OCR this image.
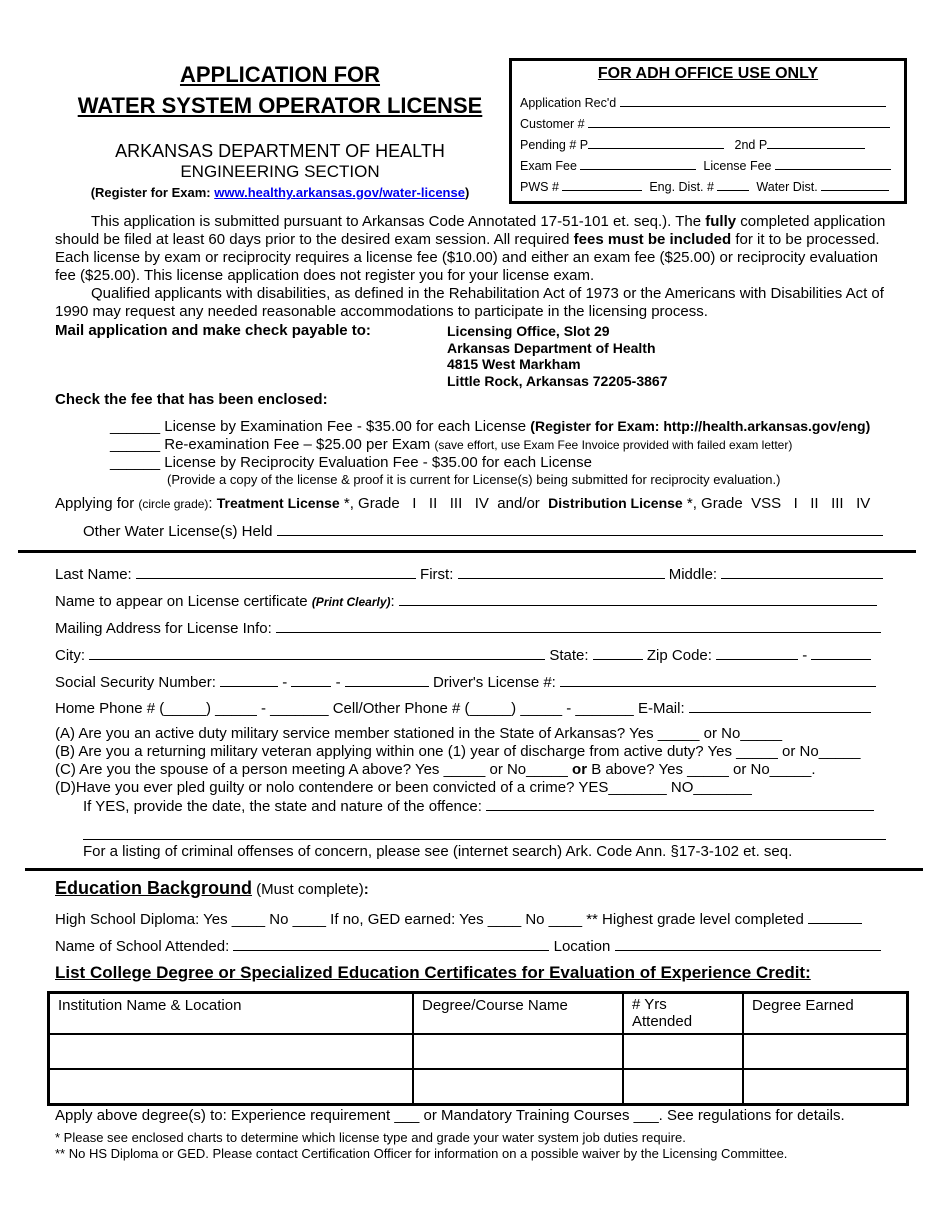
APPLICATION FOR
WATER SYSTEM OPERATOR LICENSE
ARKANSAS DEPARTMENT OF HEALTH
ENGINEERING SECTION
(Register for Exam: www.healthy.arkansas.gov/water-license)
FOR ADH OFFICE USE ONLY
Application Rec'd
Customer #
Pending # P	2nd P
Exam Fee	License Fee
PWS #	Eng. Dist. #	Water Dist.
This application is submitted pursuant to Arkansas Code Annotated 17-51-101 et. seq.). The fully completed application should be filed at least 60 days prior to the desired exam session. All required fees must be included for it to be processed. Each license by exam or reciprocity requires a license fee ($10.00) and either an exam fee ($25.00) or reciprocity evaluation fee ($25.00). This license application does not register you for your license exam.
Qualified applicants with disabilities, as defined in the Rehabilitation Act of 1973 or the Americans with Disabilities Act of 1990 may request any needed reasonable accommodations to participate in the licensing process.
Mail application and make check payable to:	Licensing Office, Slot 29
Arkansas Department of Health
4815 West Markham
Little Rock, Arkansas 72205-3867
Check the fee that has been enclosed:
______ License by Examination Fee - $35.00 for each License (Register for Exam: http://health.arkansas.gov/eng)
______ Re-examination Fee – $25.00 per Exam (save effort, use Exam Fee Invoice provided with failed exam letter)
______ License by Reciprocity Evaluation Fee - $35.00 for each License
(Provide a copy of the license & proof it is current for License(s) being submitted for reciprocity evaluation.)
Applying for (circle grade): Treatment License *, Grade   I   II   III   IV  and/or  Distribution License *, Grade  VSS   I   II   III   IV
Other Water License(s) Held
Last Name:	First:	Middle:
Name to appear on License certificate (Print Clearly):
Mailing Address for License Info:
City:	State:	Zip Code:	-
Social Security Number:	-	-	Driver's License #:
Home Phone # (_____) _____ - _______ Cell/Other Phone # (_____) _____ - _______ E-Mail:
(A) Are you an active duty military service member stationed in the State of Arkansas? Yes _____ or No_____
(B) Are you a returning military veteran applying within one (1) year of discharge from active duty? Yes _____ or No_____
(C) Are you the spouse of a person meeting A above? Yes _____ or No_____ or B above? Yes _____ or No_____.
(D)Have you ever pled guilty or nolo contendere or been convicted of a crime? YES_______ NO_______
If YES, provide the date, the state and nature of the offence:
For a listing of criminal offenses of concern, please see (internet search) Ark. Code Ann. §17-3-102 et. seq.
Education Background (Must complete):
High School Diploma: Yes ____ No ____ If no, GED earned: Yes ____ No ____ ** Highest grade level completed
Name of School Attended:	Location
List College Degree or Specialized Education Certificates for Evaluation of Experience Credit:
Institution Name & Location	Degree/Course Name	# Yrs Attended	Degree Earned

Apply above degree(s) to: Experience requirement ___ or Mandatory Training Courses ___. See regulations for details.
* Please see enclosed charts to determine which license type and grade your water system job duties require.
** No HS Diploma or GED. Please contact Certification Officer for information on a possible waiver by the Licensing Committee.
